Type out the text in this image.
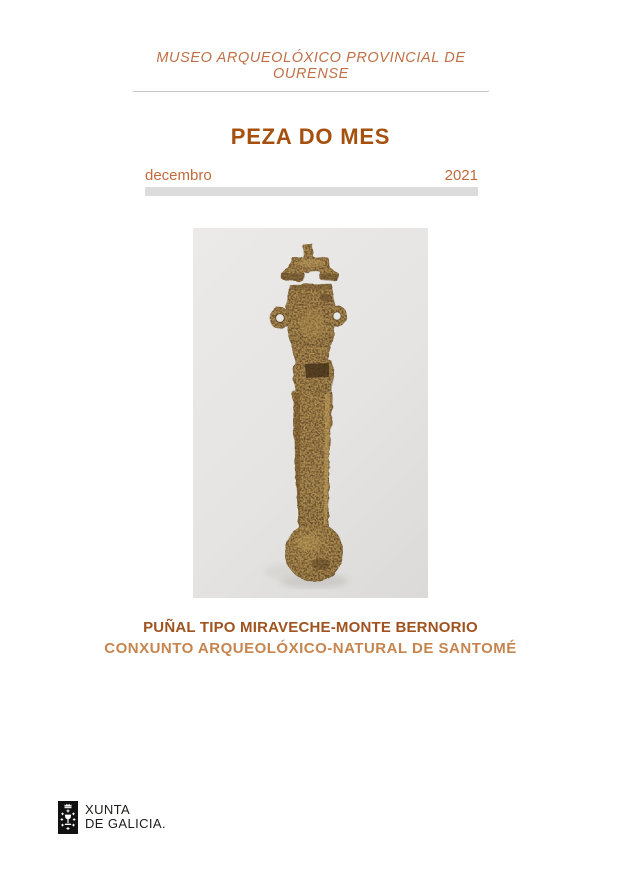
MUSEO ARQUEOLÓXICO PROVINCIAL DE OURENSE
PEZA DO MES
decembro	2021
PUÑAL TIPO MIRAVECHE-MONTE BERNORIO
CONXUNTO ARQUEOLÓXICO-NATURAL DE SANTOMÉ
XUNTA
DE GALICIA.
